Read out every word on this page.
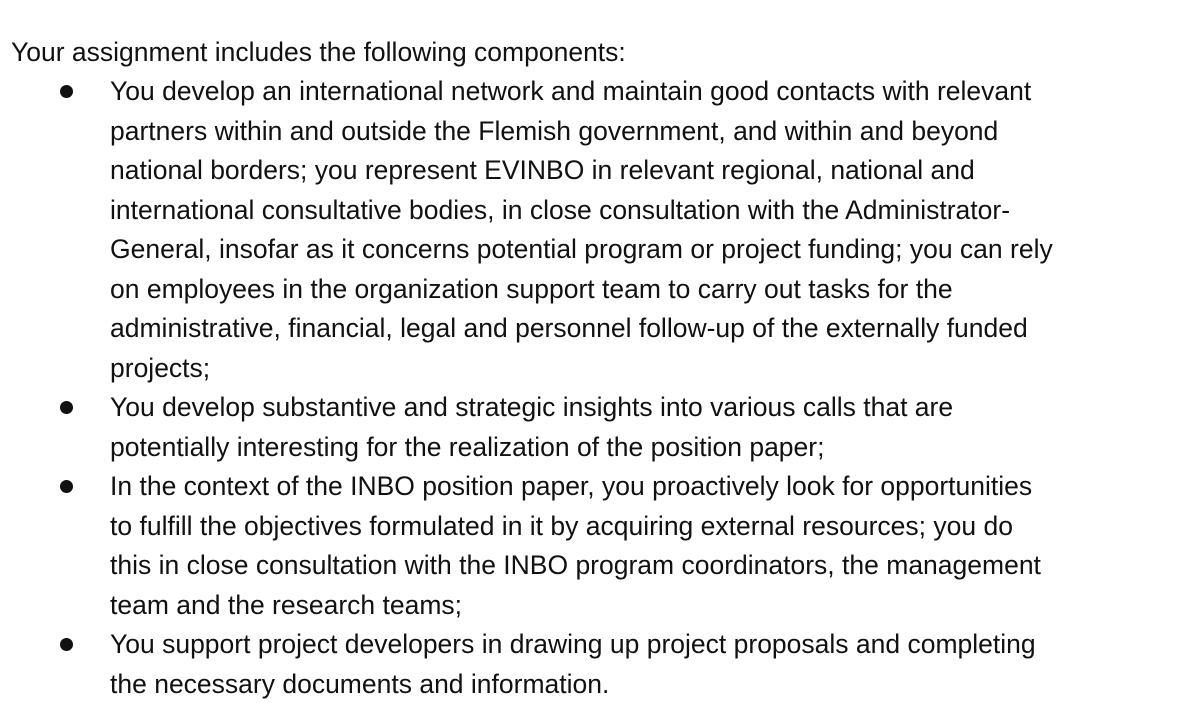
Your assignment includes the following components:
You develop an international network and maintain good contacts with relevant
partners within and outside the Flemish government, and within and beyond
national borders; you represent EVINBO in relevant regional, national and
international consultative bodies, in close consultation with the Administrator-
General, insofar as it concerns potential program or project funding; you can rely
on employees in the organization support team to carry out tasks for the
administrative, financial, legal and personnel follow-up of the externally funded
projects;
You develop substantive and strategic insights into various calls that are
potentially interesting for the realization of the position paper;
In the context of the INBO position paper, you proactively look for opportunities
to fulfill the objectives formulated in it by acquiring external resources; you do
this in close consultation with the INBO program coordinators, the management
team and the research teams;
You support project developers in drawing up project proposals and completing
the necessary documents and information.
